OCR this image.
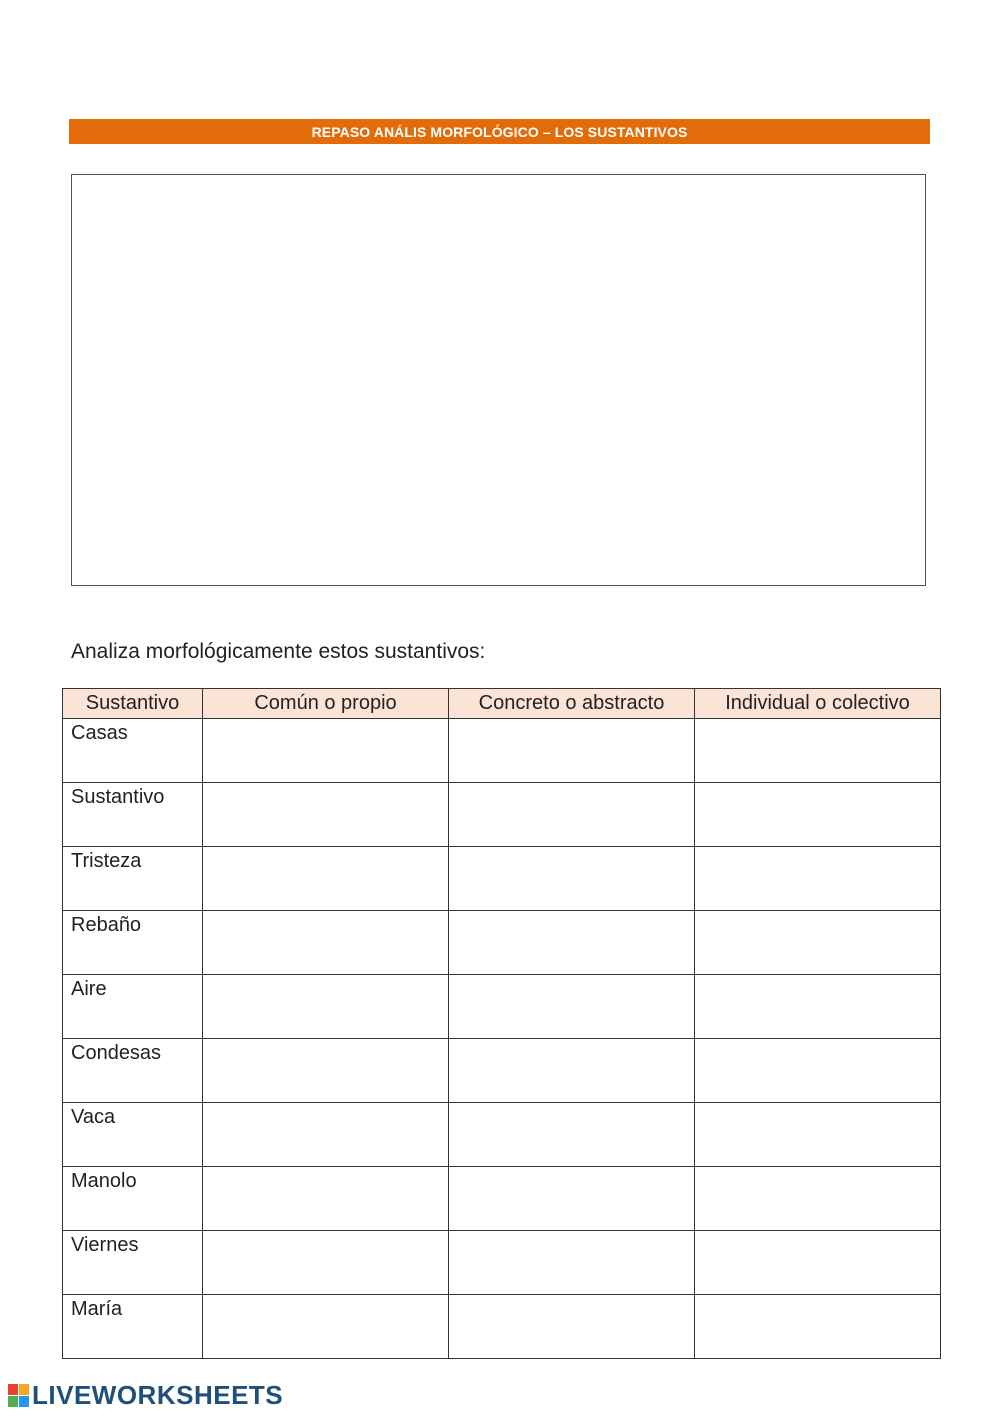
REPASO ANÁLIS MORFOLÓGICO – LOS SUSTANTIVOS
Analiza morfológicamente estos sustantivos:
Sustantivo	Común o propio	Concreto o abstracto	Individual o colectivo
Casas			
Sustantivo			
Tristeza			
Rebaño			
Aire			
Condesas			
Vaca			
Manolo			
Viernes			
María			
LIVEWORKSHEETS
